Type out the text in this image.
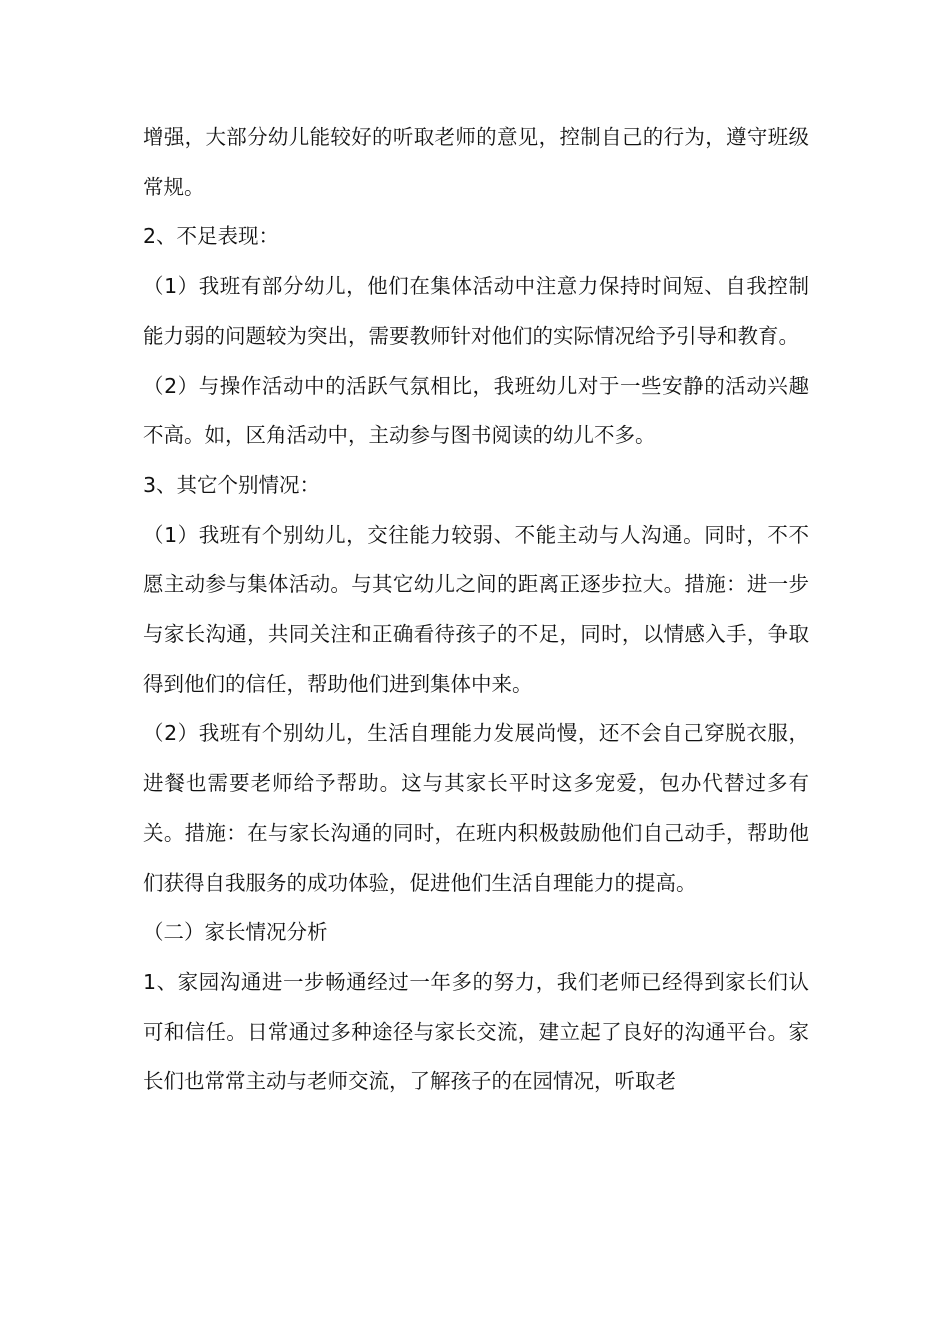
增强，大部分幼儿能较好的听取老师的意见，控制自己的行为，遵守班级常规。

2、不足表现：

（1）我班有部分幼儿，他们在集体活动中注意力保持时间短、自我控制能力弱的问题较为突出，需要教师针对他们的实际情况给予引导和教育。

（2）与操作活动中的活跃气氛相比，我班幼儿对于一些安静的活动兴趣不高。如，区角活动中，主动参与图书阅读的幼儿不多。

3、其它个别情况：

（1）我班有个别幼儿，交往能力较弱、不能主动与人沟通。同时，不不愿主动参与集体活动。与其它幼儿之间的距离正逐步拉大。措施：进一步与家长沟通，共同关注和正确看待孩子的不足，同时，以情感入手，争取得到他们的信任，帮助他们进到集体中来。

（2）我班有个别幼儿，生活自理能力发展尚慢，还不会自己穿脱衣服，进餐也需要老师给予帮助。这与其家长平时这多宠爱，包办代替过多有关。措施：在与家长沟通的同时，在班内积极鼓励他们自己动手，帮助他们获得自我服务的成功体验，促进他们生活自理能力的提高。

（二）家长情况分析

1、家园沟通进一步畅通经过一年多的努力，我们老师已经得到家长们认可和信任。日常通过多种途径与家长交流，建立起了良好的沟通平台。家长们也常常主动与老师交流，了解孩子的在园情况，听取老
